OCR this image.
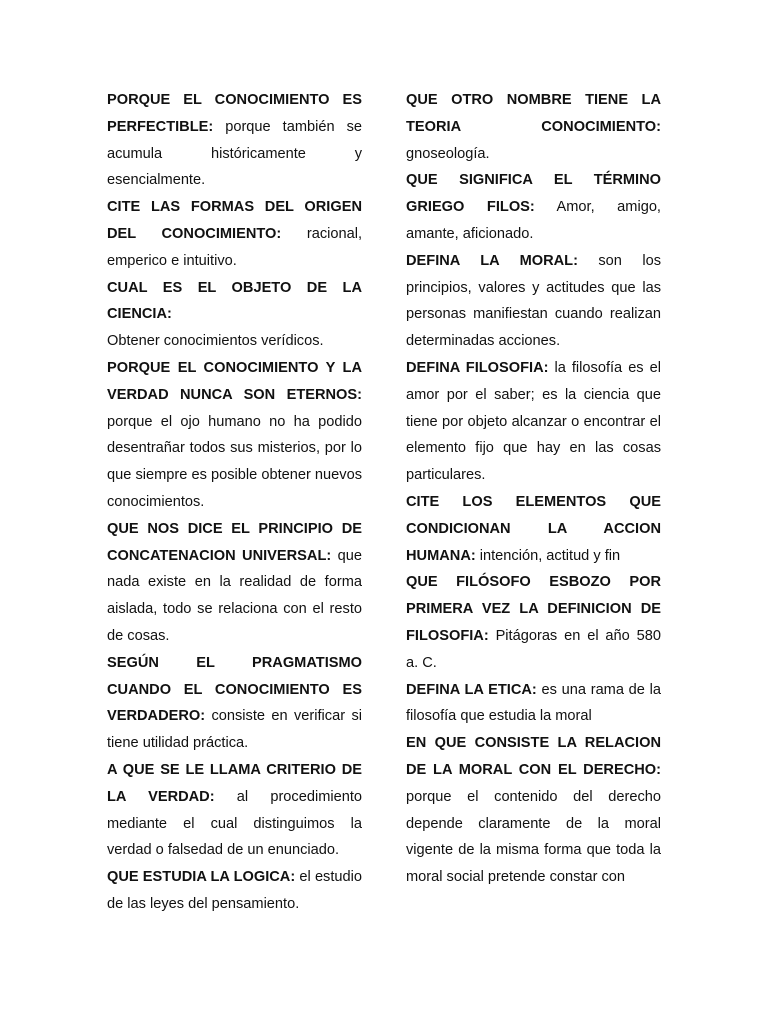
PORQUE EL CONOCIMIENTO ES PERFECTIBLE: porque también se acumula históricamente y esencialmente.

CITE LAS FORMAS DEL ORIGEN DEL CONOCIMIENTO: racional, emperico e intuitivo.

CUAL ES EL OBJETO DE LA CIENCIA:
Obtener conocimientos verídicos.

PORQUE EL CONOCIMIENTO Y LA VERDAD NUNCA SON ETERNOS: porque el ojo humano no ha podido desentrañar todos sus misterios, por lo que siempre es posible obtener nuevos conocimientos.

QUE NOS DICE EL PRINCIPIO DE CONCATENACION UNIVERSAL: que nada existe en la realidad de forma aislada, todo se relaciona con el resto de cosas.

SEGÚN EL PRAGMATISMO CUANDO EL CONOCIMIENTO ES VERDADERO: consiste en verificar si tiene utilidad práctica.

A QUE SE LE LLAMA CRITERIO DE LA VERDAD: al procedimiento mediante el cual distinguimos la verdad o falsedad de un enunciado.

QUE ESTUDIA LA LOGICA: el estudio de las leyes del pensamiento.

QUE OTRO NOMBRE TIENE LA TEORIA CONOCIMIENTO: gnoseología.

QUE SIGNIFICA EL TÉRMINO GRIEGO FILOS: Amor, amigo, amante, aficionado.

DEFINA LA MORAL: son los principios, valores y actitudes que las personas manifiestan cuando realizan determinadas acciones.

DEFINA FILOSOFIA: la filosofía es el amor por el saber; es la ciencia que tiene por objeto alcanzar o encontrar el elemento fijo que hay en las cosas particulares.

CITE LOS ELEMENTOS QUE CONDICIONAN LA ACCION HUMANA: intención, actitud y fin

QUE FILÓSOFO ESBOZO POR PRIMERA VEZ LA DEFINICION DE FILOSOFIA: Pitágoras en el año 580 a. C.

DEFINA LA ETICA: es una rama de la filosofía que estudia la moral

EN QUE CONSISTE LA RELACION DE LA MORAL CON EL DERECHO: porque el contenido del derecho depende claramente de la moral vigente de la misma forma que toda la moral social pretende constar con
